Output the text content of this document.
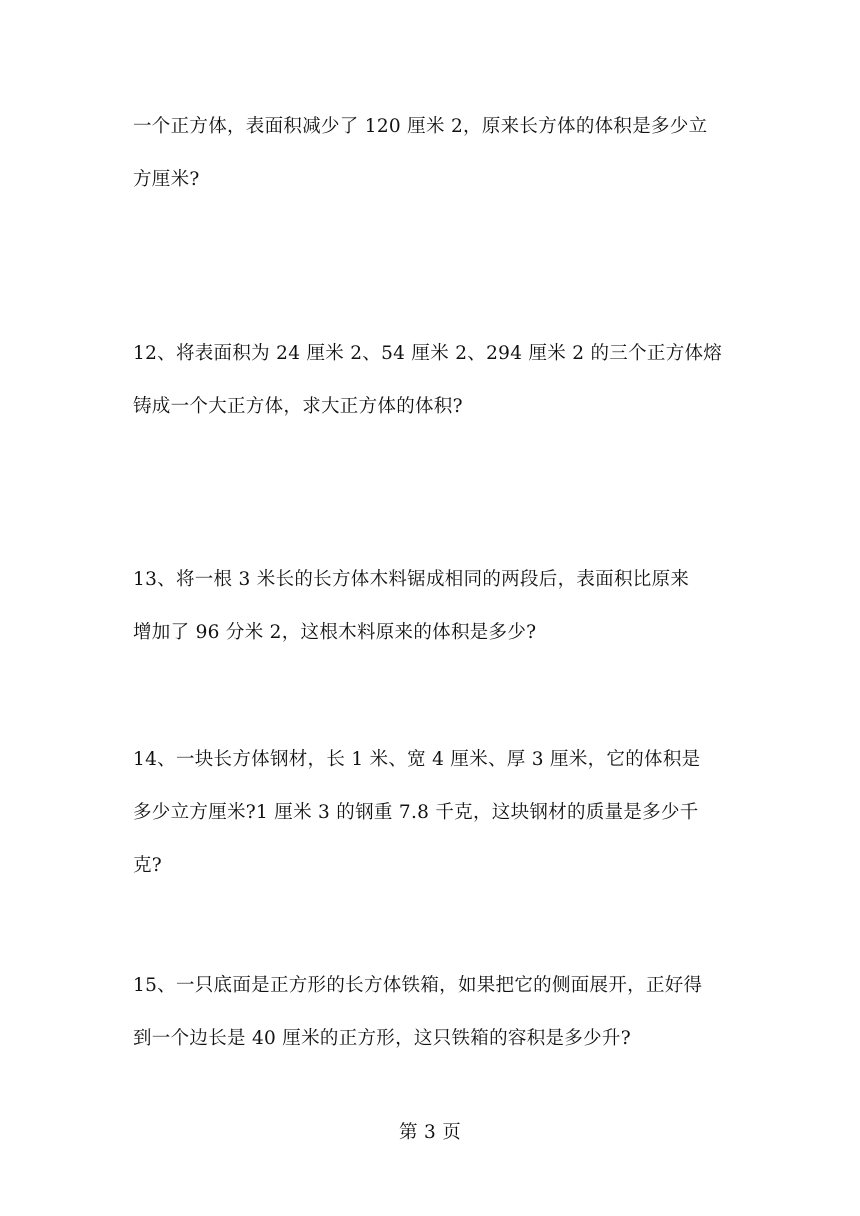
一个正方体，表面积减少了 120 厘米 2，原来长方体的体积是多少立
方厘米?
12、将表面积为 24 厘米 2、54 厘米 2、294 厘米 2 的三个正方体熔
铸成一个大正方体，求大正方体的体积?
13、将一根 3 米长的长方体木料锯成相同的两段后，表面积比原来
增加了 96 分米 2，这根木料原来的体积是多少?
14、一块长方体钢材，长 1 米、宽 4 厘米、厚 3 厘米，它的体积是
多少立方厘米?1 厘米 3 的钢重 7.8 千克，这块钢材的质量是多少千
克?
15、一只底面是正方形的长方体铁箱，如果把它的侧面展开，正好得
到一个边长是 40 厘米的正方形，这只铁箱的容积是多少升?
第 3 页
